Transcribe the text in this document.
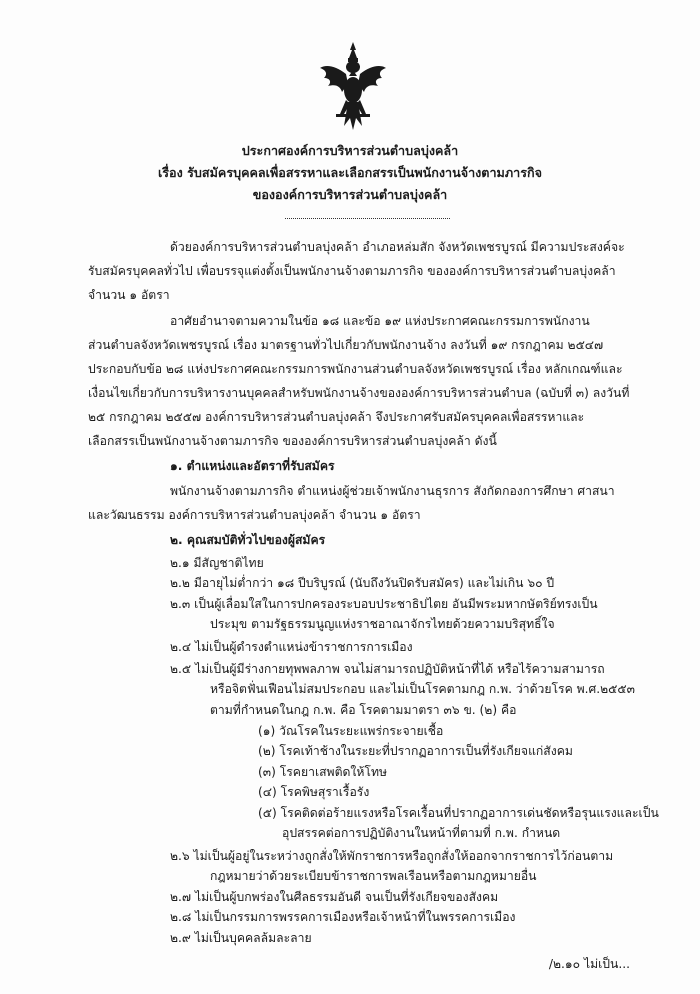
ประกาศองค์การบริหารส่วนตำบลบุ่งคล้า
เรื่อง รับสมัครบุคคลเพื่อสรรหาและเลือกสรรเป็นพนักงานจ้างตามภารกิจ
ขององค์การบริหารส่วนตำบลบุ่งคล้า
ด้วยองค์การบริหารส่วนตำบลบุ่งคล้า อำเภอหล่มสัก จังหวัดเพชรบูรณ์ มีความประสงค์จะ
รับสมัครบุคคลทั่วไป เพื่อบรรจุแต่งตั้งเป็นพนักงานจ้างตามภารกิจ ขององค์การบริหารส่วนตำบลบุ่งคล้า
จำนวน ๑ อัตรา
อาศัยอำนาจตามความในข้อ ๑๘ และข้อ ๑๙ แห่งประกาศคณะกรรมการพนักงาน
ส่วนตำบลจังหวัดเพชรบูรณ์ เรื่อง มาตรฐานทั่วไปเกี่ยวกับพนักงานจ้าง ลงวันที่ ๑๙ กรกฎาคม ๒๕๔๗
ประกอบกับข้อ ๒๘ แห่งประกาศคณะกรรมการพนักงานส่วนตำบลจังหวัดเพชรบูรณ์ เรื่อง หลักเกณฑ์และ
เงื่อนไขเกี่ยวกับการบริหารงานบุคคลสำหรับพนักงานจ้างขององค์การบริหารส่วนตำบล (ฉบับที่ ๓) ลงวันที่
๒๕ กรกฎาคม ๒๕๕๗ องค์การบริหารส่วนตำบลบุ่งคล้า จึงประกาศรับสมัครบุคคลเพื่อสรรหาและ
เลือกสรรเป็นพนักงานจ้างตามภารกิจ ขององค์การบริหารส่วนตำบลบุ่งคล้า ดังนี้
๑. ตำแหน่งและอัตราที่รับสมัคร
พนักงานจ้างตามภารกิจ ตำแหน่งผู้ช่วยเจ้าพนักงานธุรการ สังกัดกองการศึกษา ศาสนา
และวัฒนธรรม องค์การบริหารส่วนตำบลบุ่งคล้า จำนวน ๑ อัตรา
๒. คุณสมบัติทั่วไปของผู้สมัคร
๒.๑ มีสัญชาติไทย
๒.๒ มีอายุไม่ต่ำกว่า ๑๘ ปีบริบูรณ์ (นับถึงวันปิดรับสมัคร) และไม่เกิน ๖๐ ปี
๒.๓ เป็นผู้เลื่อมใสในการปกครองระบอบประชาธิปไตย อันมีพระมหากษัตริย์ทรงเป็น
ประมุข ตามรัฐธรรมนูญแห่งราชอาณาจักรไทยด้วยความบริสุทธิ์ใจ
๒.๔ ไม่เป็นผู้ดำรงตำแหน่งข้าราชการการเมือง
๒.๕ ไม่เป็นผู้มีร่างกายทุพพลภาพ จนไม่สามารถปฏิบัติหน้าที่ได้ หรือไร้ความสามารถ
หรือจิตฟั่นเฟือนไม่สมประกอบ และไม่เป็นโรคตามกฎ ก.พ. ว่าด้วยโรค พ.ศ.๒๕๕๓
ตามที่กำหนดในกฎ ก.พ. คือ โรคตามมาตรา ๓๖ ข. (๒) คือ
(๑) วัณโรคในระยะแพร่กระจายเชื้อ
(๒) โรคเท้าช้างในระยะที่ปรากฏอาการเป็นที่รังเกียจแก่สังคม
(๓) โรคยาเสพติดให้โทษ
(๔) โรคพิษสุราเรื้อรัง
(๕) โรคติดต่อร้ายแรงหรือโรคเรื้อนที่ปรากฏอาการเด่นชัดหรือรุนแรงและเป็น
อุปสรรคต่อการปฏิบัติงานในหน้าที่ตามที่ ก.พ. กำหนด
๒.๖ ไม่เป็นผู้อยู่ในระหว่างถูกสั่งให้พักราชการหรือถูกสั่งให้ออกจากราชการไว้ก่อนตาม
กฎหมายว่าด้วยระเบียบข้าราชการพลเรือนหรือตามกฎหมายอื่น
๒.๗ ไม่เป็นผู้บกพร่องในศีลธรรมอันดี จนเป็นที่รังเกียจของสังคม
๒.๘ ไม่เป็นกรรมการพรรคการเมืองหรือเจ้าหน้าที่ในพรรคการเมือง
๒.๙ ไม่เป็นบุคคลล้มละลาย
/๒.๑๐ ไม่เป็น...
